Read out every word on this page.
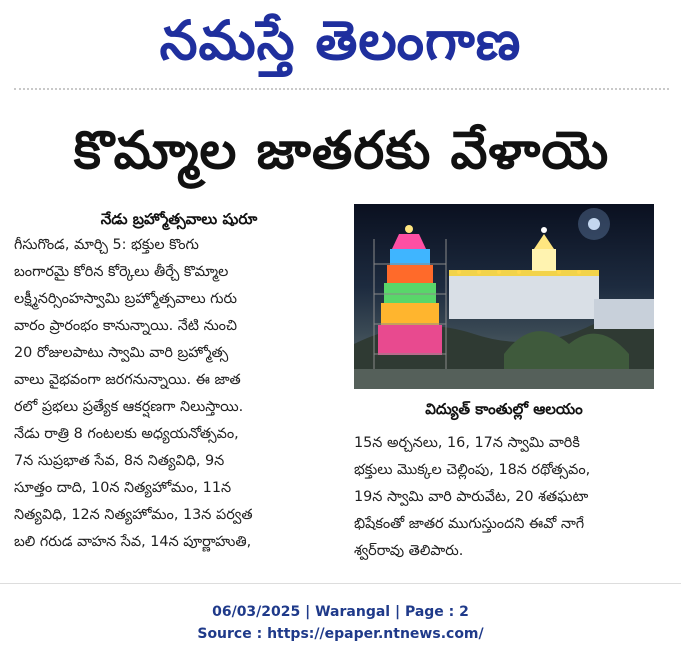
నమస్తే తెలంగాణ
కొమ్మాల జాతరకు వేళాయె
నేడు బ్రహ్మోత్సవాలు షురూ
గీసుగొండ, మార్చి 5: భక్తుల కొంగు
బంగారమై కోరిన కోర్కెలు తీర్చే కొమ్మాల
లక్ష్మీనర్సింహస్వామి బ్రహ్మోత్సవాలు గురు
వారం ప్రారంభం కానున్నాయి. నేటి నుంచి
20 రోజులపాటు స్వామి వారి బ్రహ్మోత్స
వాలు వైభవంగా జరగనున్నాయి. ఈ జాత
రలో ప్రభలు ప్రత్యేక ఆకర్షణగా నిలుస్తాయి.
నేడు రాత్రి 8 గంటలకు అధ్యయనోత్సవం,
7న సుప్రభాత సేవ, 8న నిత్యవిధి, 9న
సూత్తం దాది, 10న నిత్యహోమం, 11న
నిత్యవిధి, 12న నిత్యహోమం, 13న పర్వత
బలి గరుడ వాహన సేవ, 14న పూర్ణాహుతి,
విద్యుత్ కాంతుల్లో ఆలయం
15న అర్చనలు, 16, 17న స్వామి వారికి
భక్తులు మొక్కల చెల్లింపు, 18న రథోత్సవం,
19న స్వామి వారి పారువేట, 20 శతఘటా
భిషేకంతో జాతర ముగుస్తుందని ఈవో నాగే
శ్వర్‌రావు తెలిపారు.
06/03/2025 | Warangal | Page : 2
Source : https://epaper.ntnews.com/
